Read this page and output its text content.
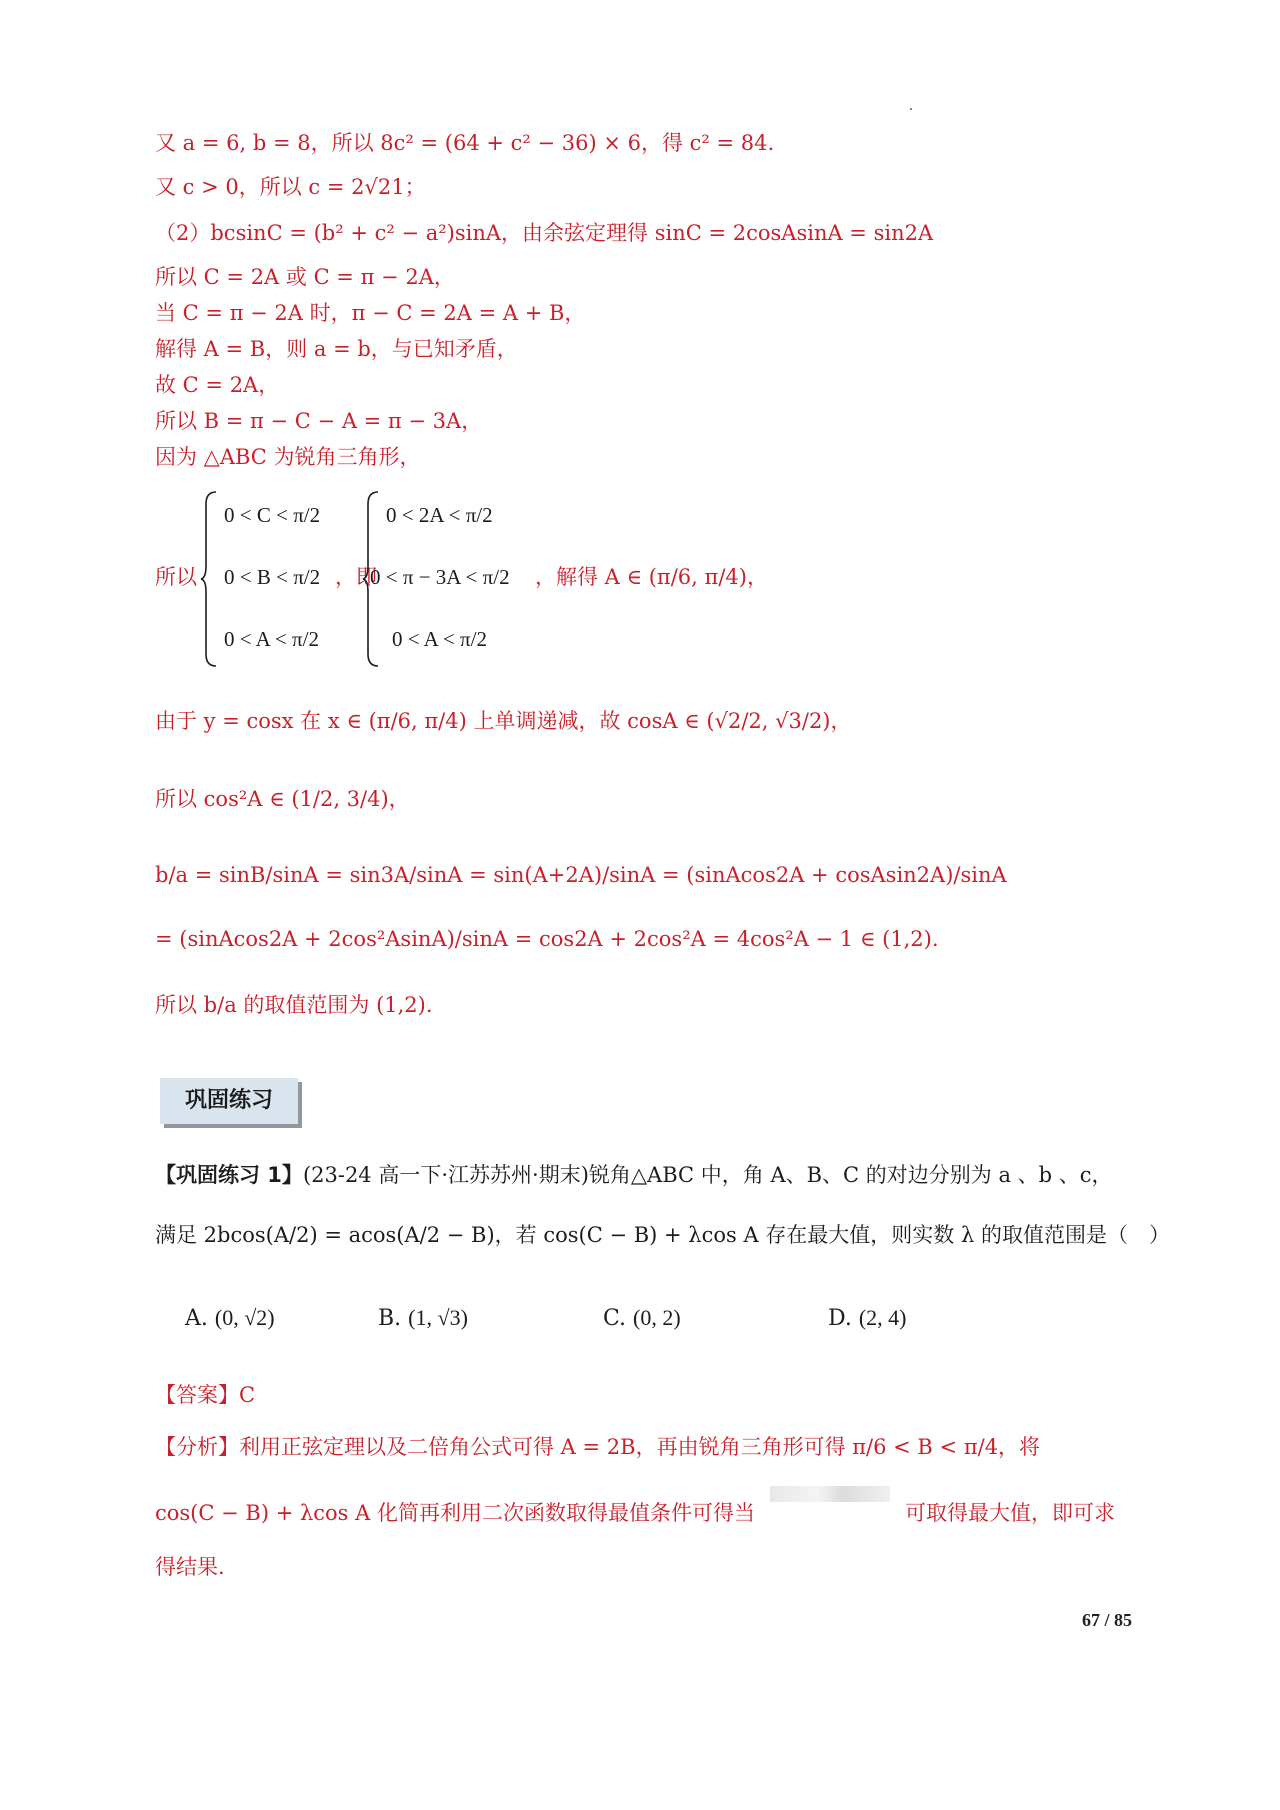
又 a = 6, b = 8，所以 8c² = (64 + c² − 36) × 6，得 c² = 84.
又 c > 0，所以 c = 2√21；
（2）bcsinC = (b² + c² − a²)sinA，由余弦定理得 sinC = 2cosAsinA = sin2A
所以 C = 2A 或 C = π − 2A，
当 C = π − 2A 时，π − C = 2A = A + B，
解得 A = B，则 a = b，与已知矛盾，
故 C = 2A，
所以 B = π − C − A = π − 3A，
因为 △ABC 为锐角三角形，
所以
0 < C < π/2
0 < B < π/2
0 < A < π/2
，即
0 < 2A < π/2
0 < π − 3A < π/2
0 < A < π/2
，解得 A ∈ (π/6, π/4)，
由于 y = cosx 在 x ∈ (π/6, π/4) 上单调递减，故 cosA ∈ (√2/2, √3/2)，
所以 cos²A ∈ (1/2, 3/4)，
b/a = sinB/sinA = sin3A/sinA = sin(A+2A)/sinA = (sinAcos2A + cosAsin2A)/sinA
= (sinAcos2A + 2cos²AsinA)/sinA = cos2A + 2cos²A = 4cos²A − 1 ∈ (1,2).
所以 b/a 的取值范围为 (1,2).
巩固练习
【巩固练习 1】(23-24 高一下·江苏苏州·期末)锐角△ABC 中，角 A、B、C 的对边分别为 a 、b 、c，
满足 2bcos(A/2) = acos(A/2 − B)，若 cos(C − B) + λcos A 存在最大值，则实数 λ 的取值范围是（　）
A. (0, √2)	B. (1, √3)	C. (0, 2)	D. (2, 4)
【答案】C
【分析】利用正弦定理以及二倍角公式可得 A = 2B，再由锐角三角形可得 π/6 < B < π/4，将
cos(C − B) + λcos A 化简再利用二次函数取得最值条件可得当	可取得最大值，即可求
得结果.
67 / 85
